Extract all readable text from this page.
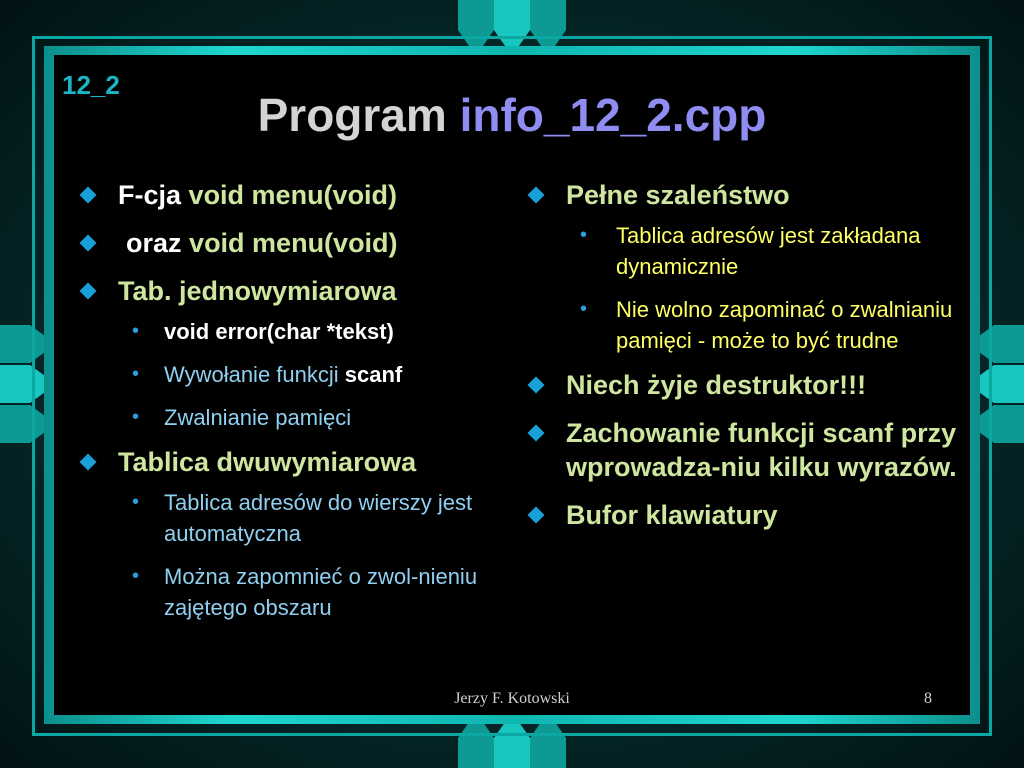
12_2
Program info_12_2.cpp
F-cja void menu(void)
oraz void menu(void)
Tab. jednowymiarowa
• void error(char *tekst)
• Wywołanie funkcji scanf
• Zwalnianie pamięci
Tablica dwuwymiarowa
• Tablica adresów do wierszy jest automatyczna
• Można zapomnieć o zwol-nieniu zajętego obszaru
Pełne szaleństwo
• Tablica adresów jest zakładana dynamicznie
• Nie wolno zapominać o zwalnianiu pamięci - może to być trudne
Niech żyje destruktor!!!
Zachowanie funkcji scanf przy wprowadza-niu kilku wyrazów.
Bufor klawiatury
Jerzy F. Kotowski	8
